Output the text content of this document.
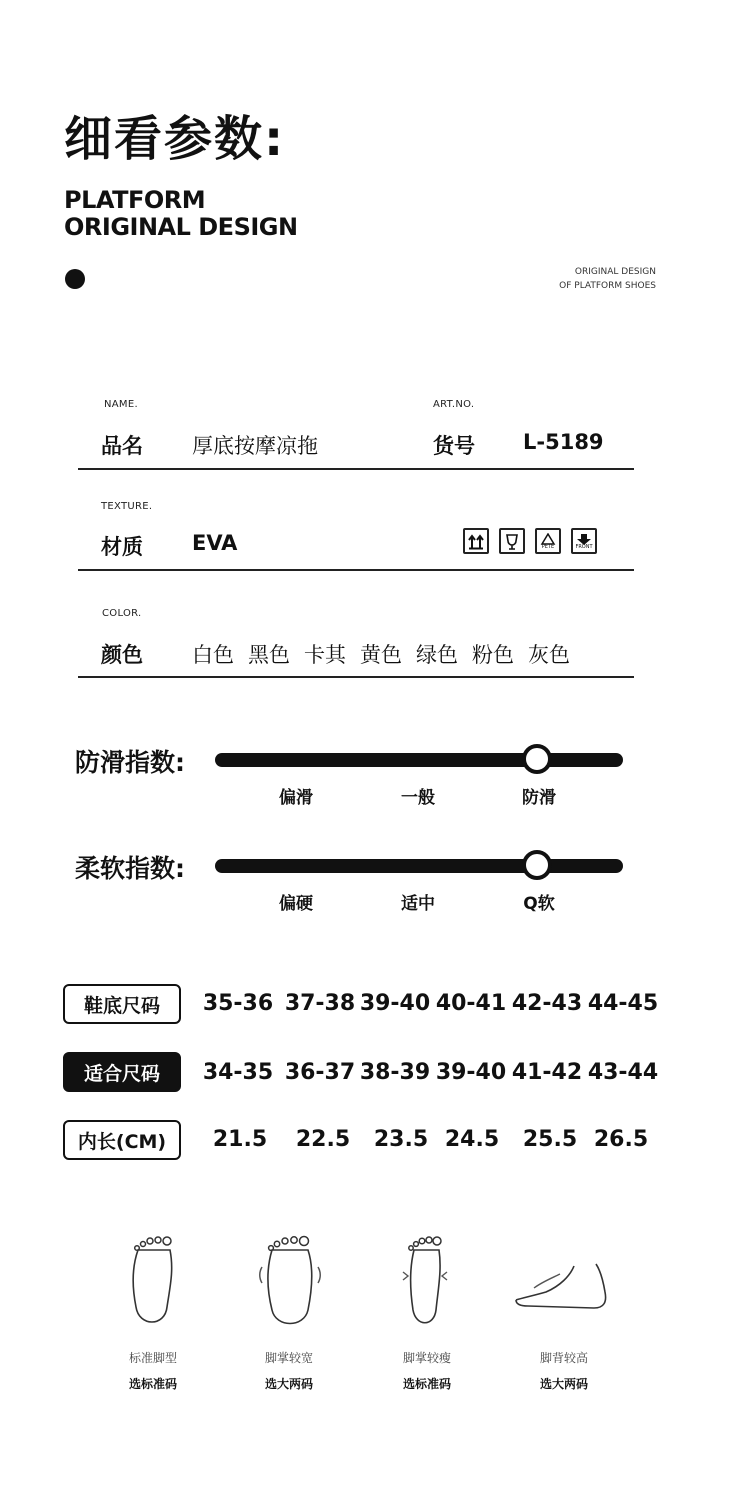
细看参数:
PLATFORM
ORIGINAL DESIGN
ORIGINAL DESIGN
OF PLATFORM SHOES
NAME.
品名 厚底按摩凉拖
ART.NO.
货号 L-5189
TEXTURE.
材质 EVA	PETE	FRONT
COLOR.
颜色 白色 黑色 卡其 黄色 绿色 粉色 灰色
防滑指数:
偏滑	一般	防滑
柔软指数:
偏硬	适中	Q软
鞋底尺码	35-36 37-38 39-40 40-41 42-43 44-45
适合尺码	34-35 36-37 38-39 39-40 41-42 43-44
内长(CM)	21.5	22.5	23.5 24.5	25.5 26.5
标准脚型	脚掌较宽	脚掌较瘦	脚背较高
选标准码	选大两码	选标准码	选大两码
